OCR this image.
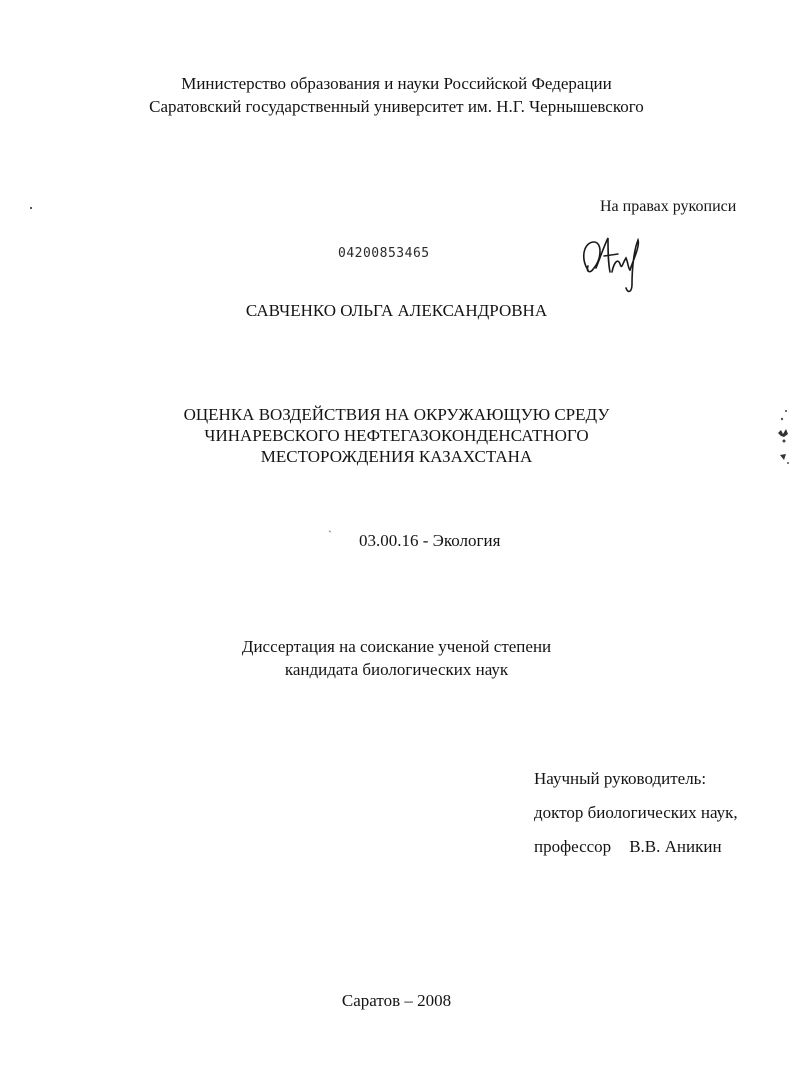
Министерство образования и науки Российской Федерации
Саратовский государственный университет им. Н.Г. Чернышевского
На правах рукописи
04200853465
САВЧЕНКО ОЛЬГА АЛЕКСАНДРОВНА
ОЦЕНКА ВОЗДЕЙСТВИЯ НА ОКРУЖАЮЩУЮ СРЕДУ
ЧИНАРЕВСКОГО НЕФТЕГАЗОКОНДЕНСАТНОГО
МЕСТОРОЖДЕНИЯ КАЗАХСТАНА
` 03.00.16 - Экология
Диссертация на соискание ученой степени
кандидата биологических наук
Научный руководитель:
доктор биологических наук,
профессор В.В. Аникин
Саратов – 2008
